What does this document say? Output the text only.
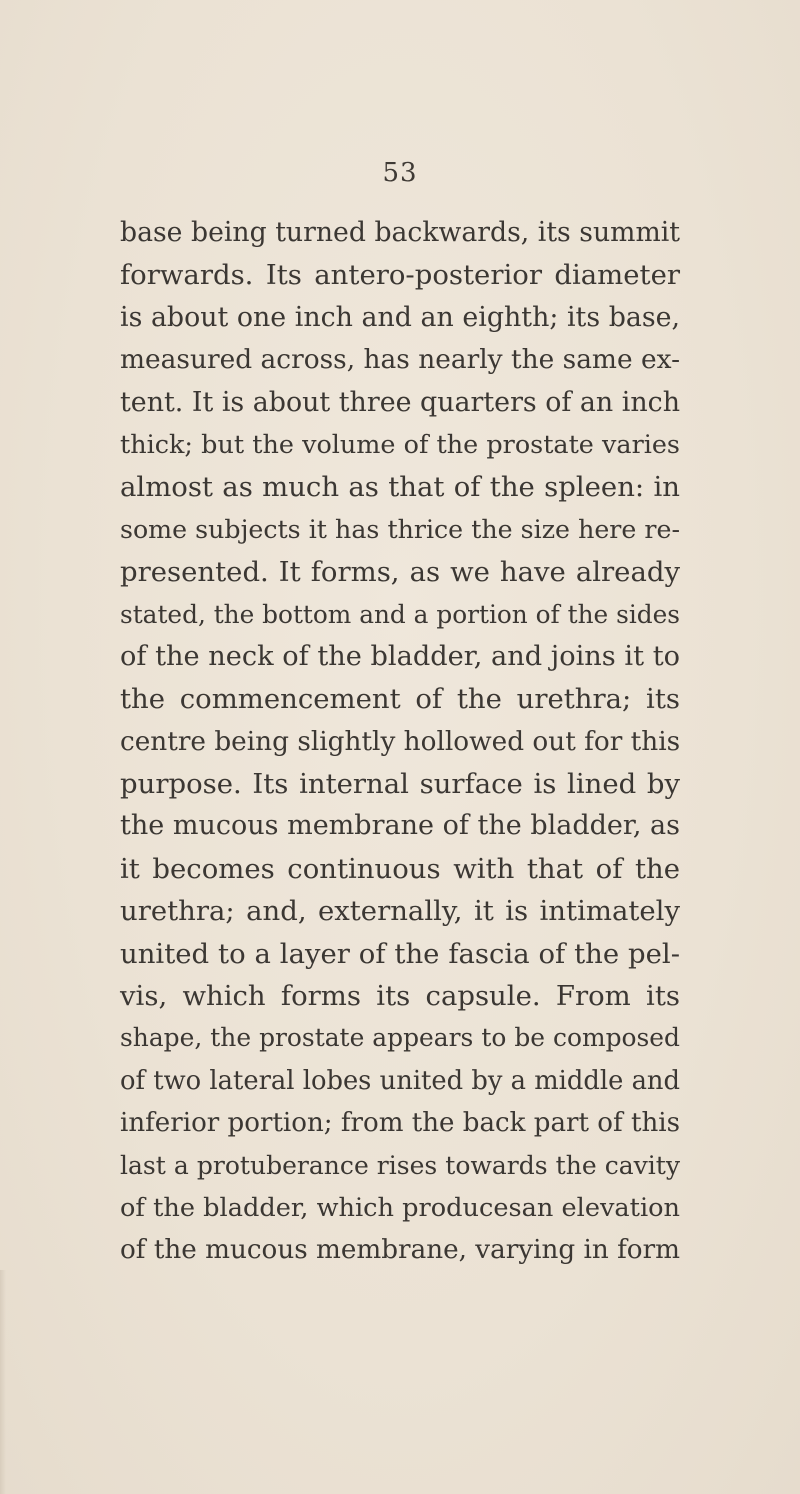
53
base being turned backwards, its summit
forwards. Its antero-posterior diameter
is about one inch and an eighth; its base,
measured across, has nearly the same ex-
tent. It is about three quarters of an inch
thick; but the volume of the prostate varies
almost as much as that of the spleen: in
some subjects it has thrice the size here re-
presented. It forms, as we have already
stated, the bottom and a portion of the sides
of the neck of the bladder, and joins it to
the commencement of the urethra; its
centre being slightly hollowed out for this
purpose. Its internal surface is lined by
the mucous membrane of the bladder, as
it becomes continuous with that of the
urethra; and, externally, it is intimately
united to a layer of the fascia of the pel-
vis, which forms its capsule. From its
shape, the prostate appears to be composed
of two lateral lobes united by a middle and
inferior portion; from the back part of this
last a protuberance rises towards the cavity
of the bladder, which producesan elevation
of the mucous membrane, varying in form
